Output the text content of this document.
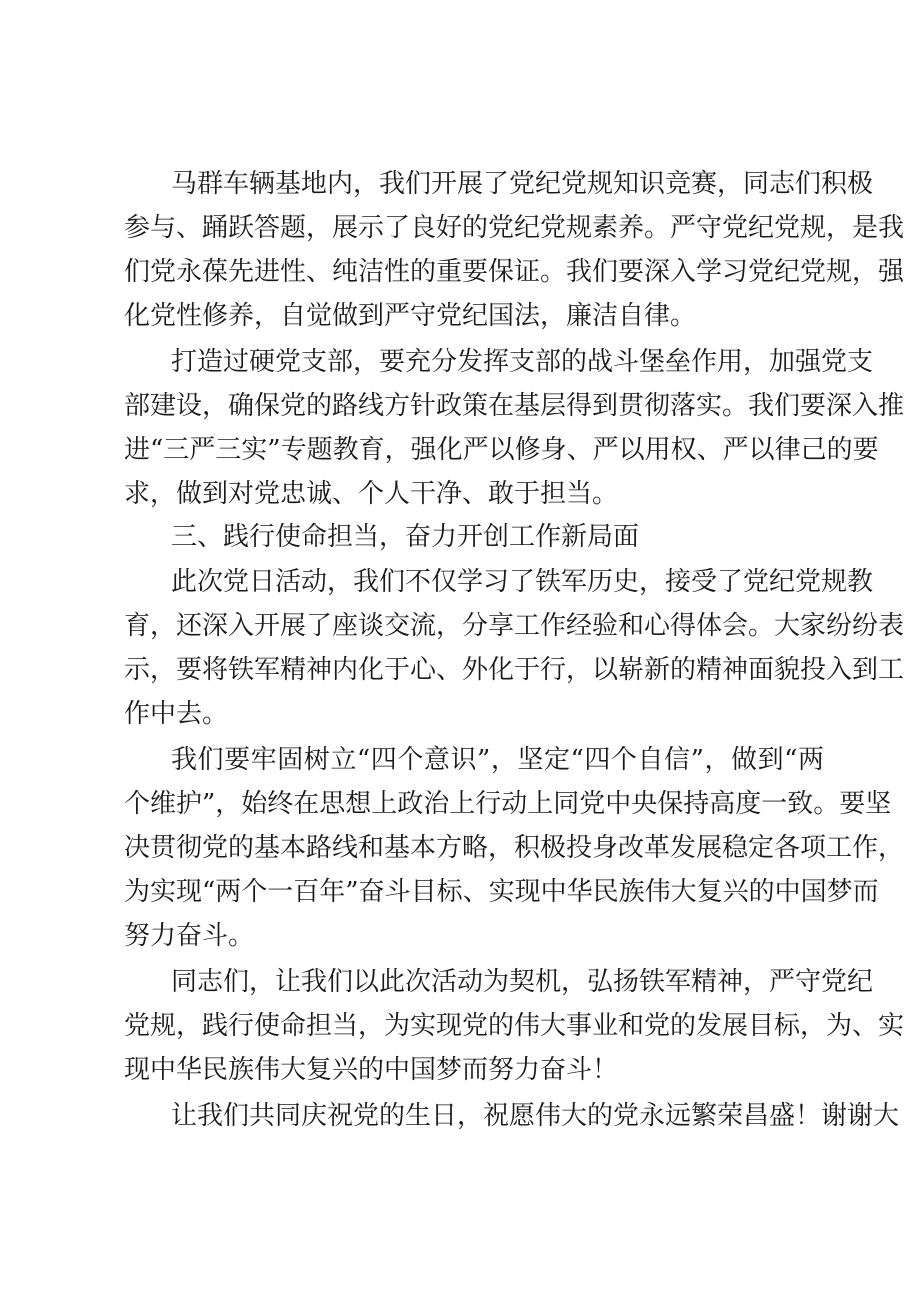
马群车辆基地内，我们开展了党纪党规知识竞赛，同志们积极
参与、踊跃答题，展示了良好的党纪党规素养。严守党纪党规，是我
们党永葆先进性、纯洁性的重要保证。我们要深入学习党纪党规，强
化党性修养，自觉做到严守党纪国法，廉洁自律。
打造过硬党支部，要充分发挥支部的战斗堡垒作用，加强党支
部建设，确保党的路线方针政策在基层得到贯彻落实。我们要深入推
进“三严三实”专题教育，强化严以修身、严以用权、严以律己的要
求，做到对党忠诚、个人干净、敢于担当。
三、践行使命担当，奋力开创工作新局面
此次党日活动，我们不仅学习了铁军历史，接受了党纪党规教
育，还深入开展了座谈交流，分享工作经验和心得体会。大家纷纷表
示，要将铁军精神内化于心、外化于行，以崭新的精神面貌投入到工
作中去。
我们要牢固树立“四个意识”，坚定“四个自信”，做到“两
个维护”，始终在思想上政治上行动上同党中央保持高度一致。要坚
决贯彻党的基本路线和基本方略，积极投身改革发展稳定各项工作，
为实现“两个一百年”奋斗目标、实现中华民族伟大复兴的中国梦而
努力奋斗。
同志们，让我们以此次活动为契机，弘扬铁军精神，严守党纪
党规，践行使命担当，为实现党的伟大事业和党的发展目标，为、实
现中华民族伟大复兴的中国梦而努力奋斗！
让我们共同庆祝党的生日，祝愿伟大的党永远繁荣昌盛！谢谢大
